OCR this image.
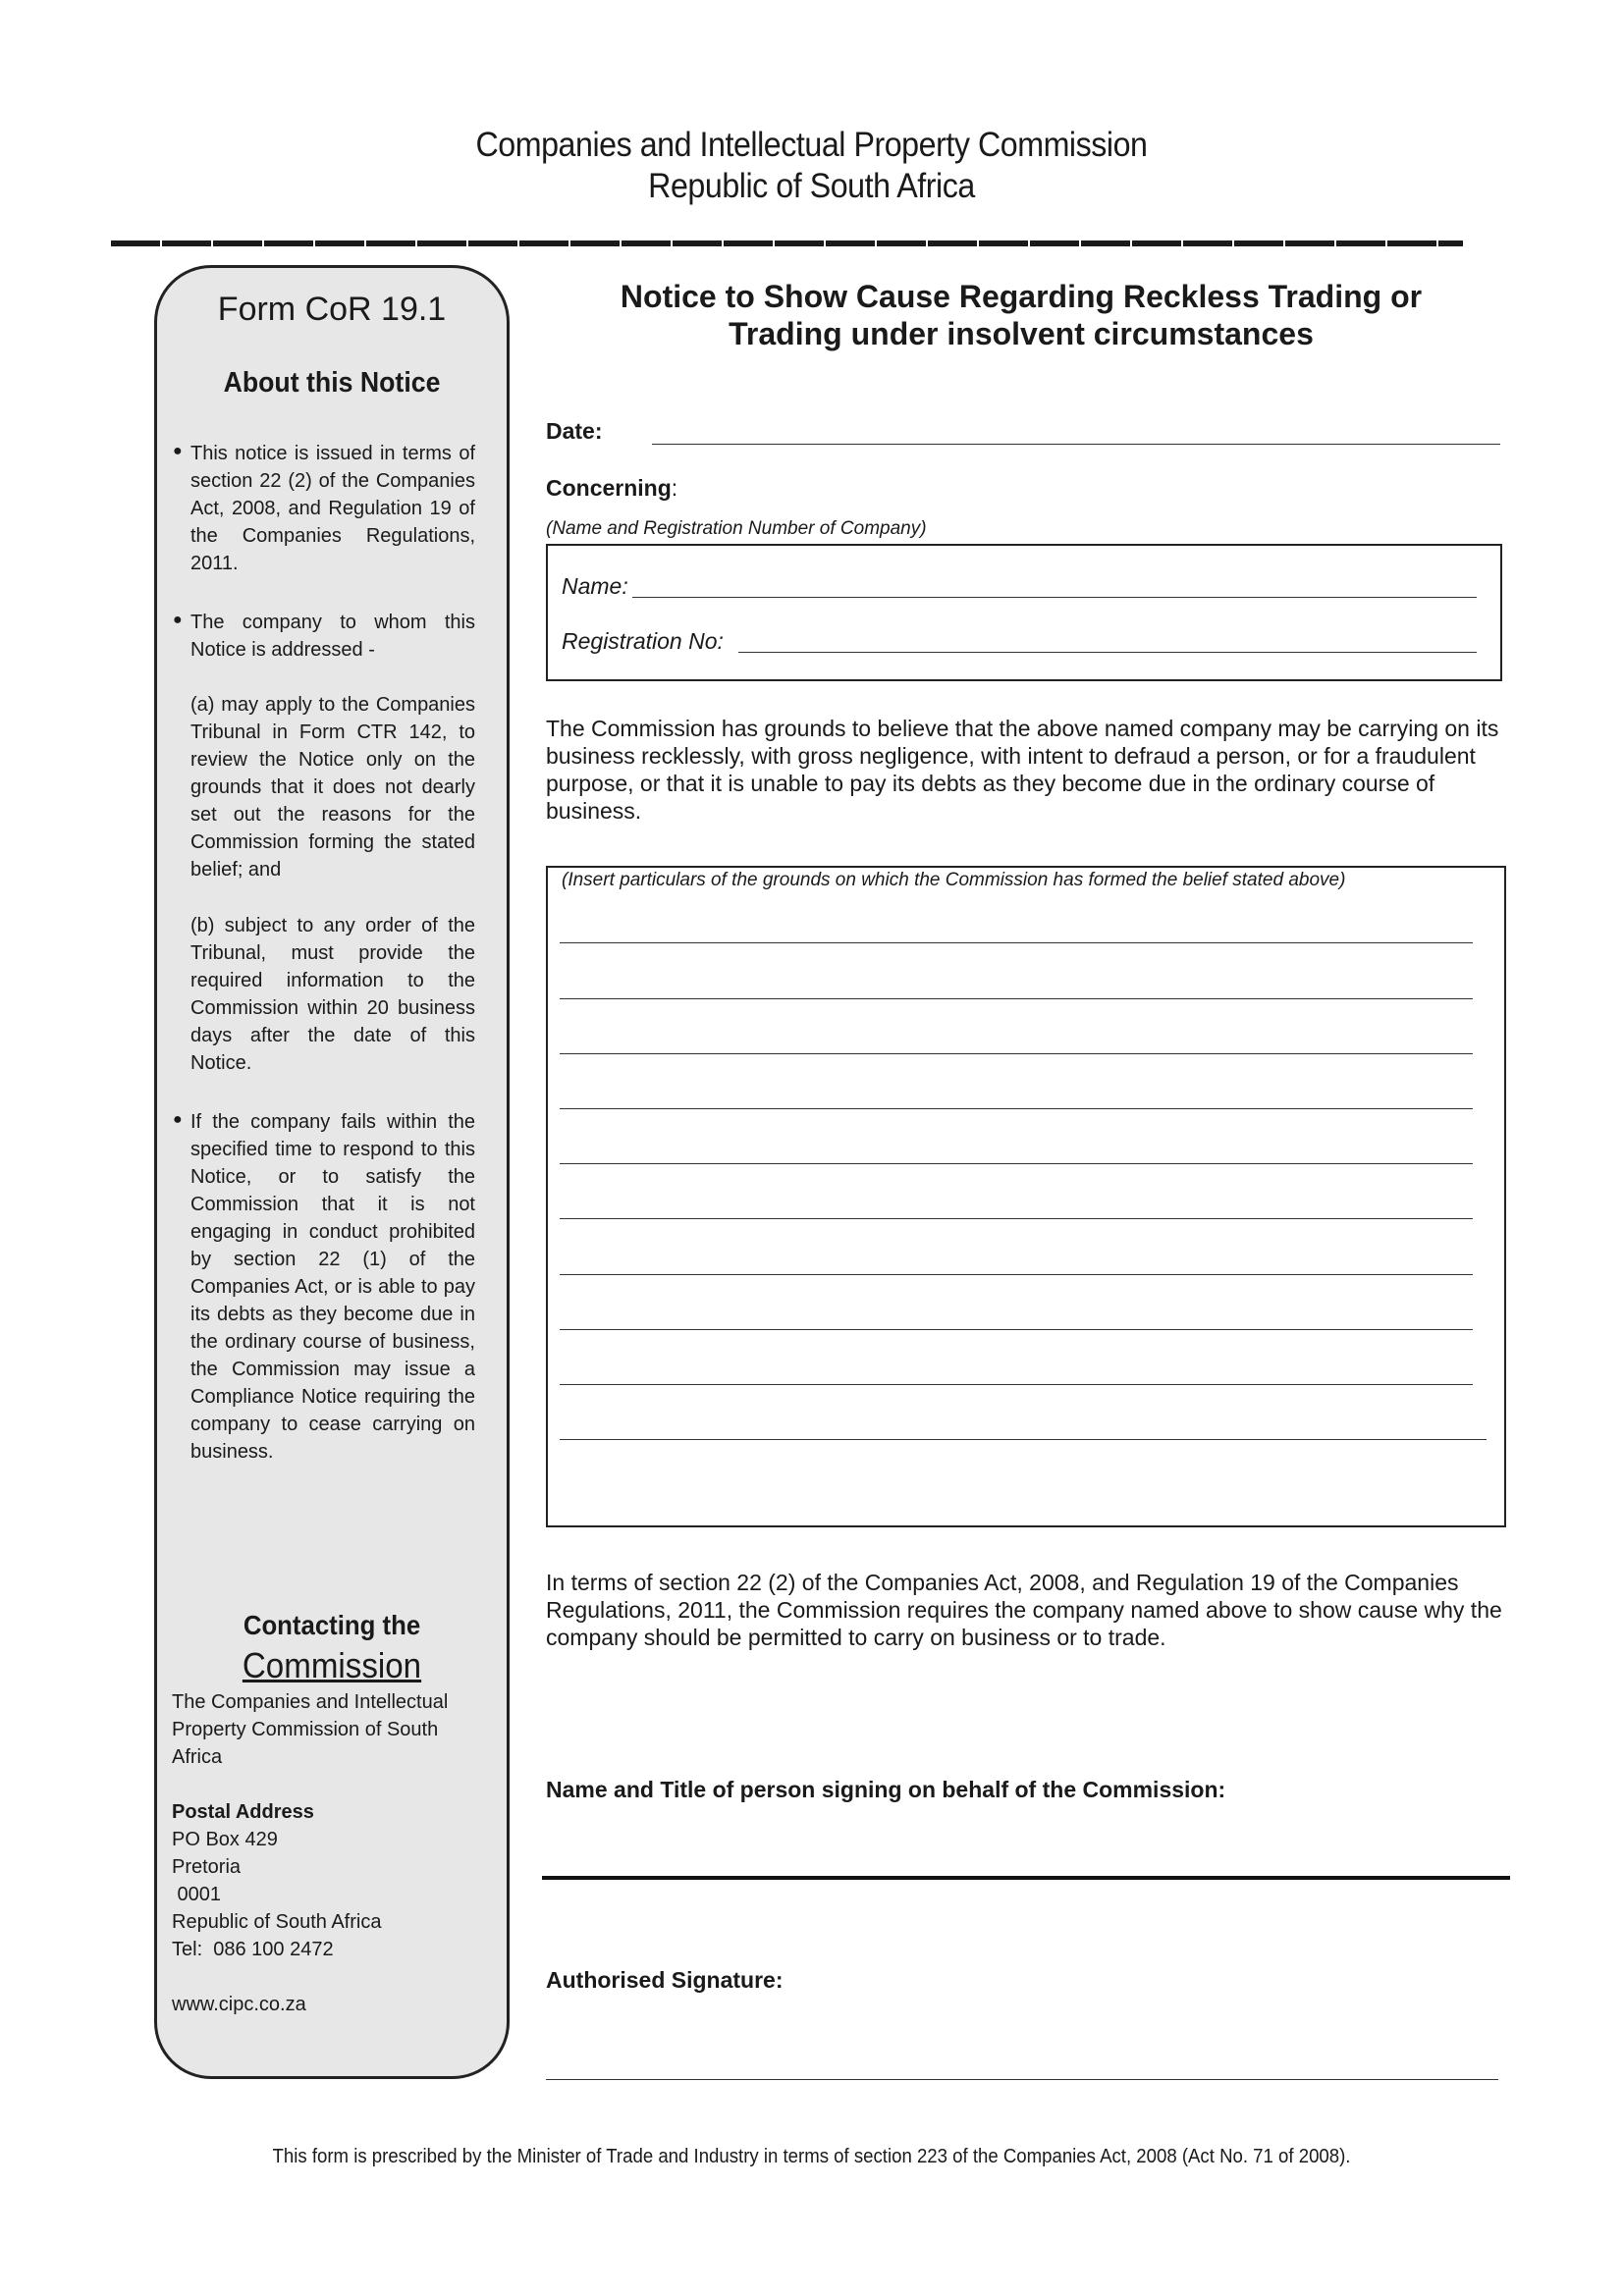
Companies and Intellectual Property Commission
Republic of South Africa
Form CoR 19.1
About this Notice
● This notice is issued in terms of section 22 (2) of the Companies Act, 2008, and Regulation 19 of the Companies Regulations, 2011.
● The company to whom this Notice is addressed -
(a) may apply to the Companies Tribunal in Form CTR 142, to review the Notice only on the grounds that it does not dearly set out the reasons for the Commission forming the stated belief; and
(b) subject to any order of the Tribunal, must provide the required information to the Commission within 20 business days after the date of this Notice.
● If the company fails within the specified time to respond to this Notice, or to satisfy the Commission that it is not engaging in conduct prohibited by section 22 (1) of the Companies Act, or is able to pay its debts as they become due in the ordinary course of business, the Commission may issue a Compliance Notice requiring the company to cease carrying on business.
Contacting the
Commission
The Companies and Intellectual Property Commission of South Africa
Postal Address
PO Box 429
Pretoria
0001
Republic of South Africa
Tel:  086 100 2472
www.cipc.co.za
Notice to Show Cause Regarding Reckless Trading or
Trading under insolvent circumstances
Date:
Concerning:
(Name and Registration Number of Company)
Name:
Registration No:
The Commission has grounds to believe that the above named company may be carrying on its business recklessly, with gross negligence, with intent to defraud a person, or for a fraudulent purpose, or that it is unable to pay its debts as they become due in the ordinary course of business.
(Insert particulars of the grounds on which the Commission has formed the belief stated above)
In terms of section 22 (2) of the Companies Act, 2008, and Regulation 19 of the Companies Regulations, 2011, the Commission requires the company named above to show cause why the company should be permitted to carry on business or to trade.
Name and Title of person signing on behalf of the Commission:
Authorised Signature:
This form is prescribed by the Minister of Trade and Industry in terms of section 223 of the Companies Act, 2008 (Act No. 71 of 2008).
